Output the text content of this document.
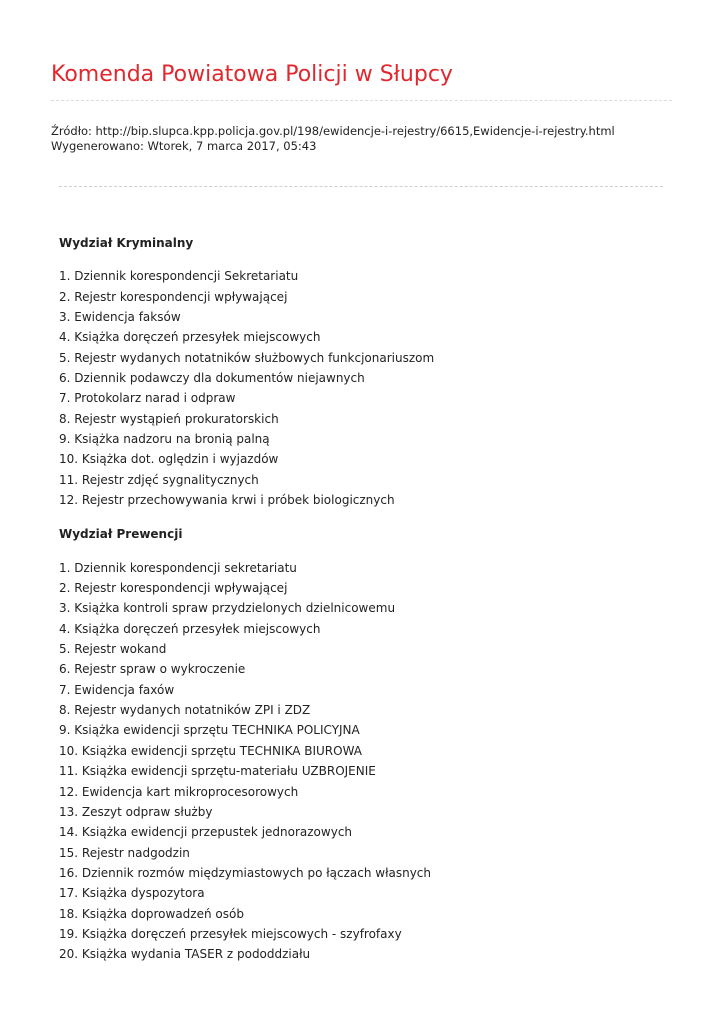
Komenda Powiatowa Policji w Słupcy
Źródło: http://bip.slupca.kpp.policja.gov.pl/198/ewidencje-i-rejestry/6615,Ewidencje-i-rejestry.html
Wygenerowano: Wtorek, 7 marca 2017, 05:43
Wydział Kryminalny
1. Dziennik korespondencji Sekretariatu
2. Rejestr korespondencji wpływającej
3. Ewidencja faksów
4. Książka doręczeń przesyłek miejscowych
5. Rejestr wydanych notatników służbowych funkcjonariuszom
6. Dziennik podawczy dla dokumentów niejawnych
7. Protokolarz narad i odpraw
8. Rejestr wystąpień prokuratorskich
9. Książka nadzoru na bronią palną
10. Książka dot. oględzin i wyjazdów
11. Rejestr zdjęć sygnalitycznych
12. Rejestr przechowywania krwi i próbek biologicznych
Wydział Prewencji
1. Dziennik korespondencji sekretariatu
2. Rejestr korespondencji wpływającej
3. Książka kontroli spraw przydzielonych dzielnicowemu
4. Książka doręczeń przesyłek miejscowych
5. Rejestr wokand
6. Rejestr spraw o wykroczenie
7. Ewidencja faxów
8. Rejestr wydanych notatników ZPI i ZDZ
9. Książka ewidencji sprzętu TECHNIKA POLICYJNA
10. Książka ewidencji sprzętu TECHNIKA BIUROWA
11. Książka ewidencji sprzętu-materiału UZBROJENIE
12. Ewidencja kart mikroprocesorowych
13. Zeszyt odpraw służby
14. Książka ewidencji przepustek jednorazowych
15. Rejestr nadgodzin
16. Dziennik rozmów międzymiastowych po łączach własnych
17. Książka dyspozytora
18. Książka doprowadzeń osób
19. Książka doręczeń przesyłek miejscowych - szyfrofaxy
20. Książka wydania TASER z pododdziału
